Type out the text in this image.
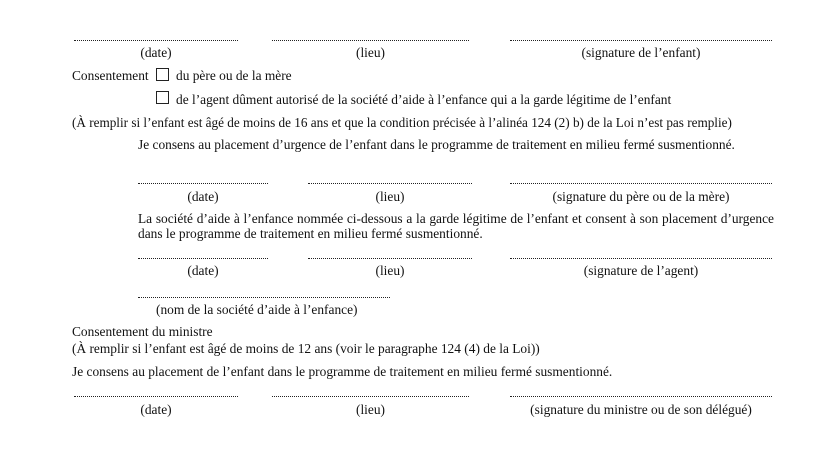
(date)	(lieu)	(signature de l’enfant)
Consentement du père ou de la mère
de l’agent dûment autorisé de la société d’aide à l’enfance qui a la garde légitime de l’enfant
(À remplir si l’enfant est âgé de moins de 16 ans et que la condition précisée à l’alinéa 124 (2) b) de la Loi n’est pas remplie)
Je consens au placement d’urgence de l’enfant dans le programme de traitement en milieu fermé susmentionné.
(date)	(lieu)	(signature du père ou de la mère)
La société d’aide à l’enfance nommée ci-dessous a la garde légitime de l’enfant et consent à son placement d’urgence dans le programme de traitement en milieu fermé susmentionné.
(date)	(lieu)	(signature de l’agent)
(nom de la société d’aide à l’enfance)
Consentement du ministre
(À remplir si l’enfant est âgé de moins de 12 ans (voir le paragraphe 124 (4) de la Loi))
Je consens au placement de l’enfant dans le programme de traitement en milieu fermé susmentionné.
(date)	(lieu)	(signature du ministre ou de son délégué)
